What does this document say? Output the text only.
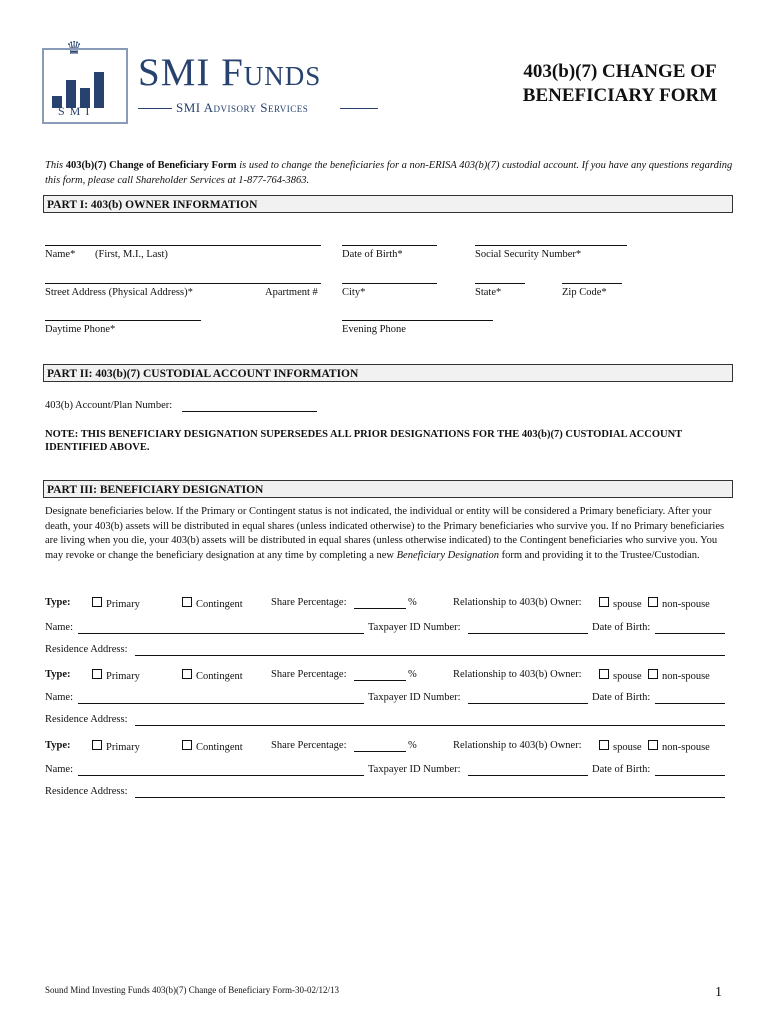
♛
SMI
SMI Funds
SMI Advisory Services
403(b)(7) CHANGE OF
BENEFICIARY FORM
This 403(b)(7) Change of Beneficiary Form is used to change the beneficiaries for a non-ERISA 403(b)(7) custodial account. If you have any questions regarding this form, please call Shareholder Services at 1-877-764-3863.
PART I: 403(b) OWNER INFORMATION
Name* (First, M.I., Last)	Date of Birth*	Social Security Number*
Street Address (Physical Address)*	Apartment # City*	State*	Zip Code*
Daytime Phone*	Evening Phone
PART II: 403(b)(7) CUSTODIAL ACCOUNT INFORMATION
403(b) Account/Plan Number:
NOTE: THIS BENEFICIARY DESIGNATION SUPERSEDES ALL PRIOR DESIGNATIONS FOR THE 403(b)(7) CUSTODIAL ACCOUNT IDENTIFIED ABOVE.
PART III: BENEFICIARY DESIGNATION
Designate beneficiaries below. If the Primary or Contingent status is not indicated, the individual or entity will be considered a Primary beneficiary. After your death, your 403(b) assets will be distributed in equal shares (unless indicated otherwise) to the Primary beneficiaries who survive you. If no Primary beneficiaries are living when you die, your 403(b) assets will be distributed in equal shares (unless otherwise indicated) to the Contingent beneficiaries who survive you. You may revoke or change the beneficiary designation at any time by completing a new Beneficiary Designation form and providing it to the Trustee/Custodian.
Type:	Primary	Contingent	Share Percentage:	%	Relationship to 403(b) Owner:	spouse	non-spouse
Name:	Taxpayer ID Number:	Date of Birth:
Residence Address:
Type:	Primary	Contingent	Share Percentage:	%	Relationship to 403(b) Owner:	spouse	non-spouse
Name:	Taxpayer ID Number:	Date of Birth:
Residence Address:
Type:	Primary	Contingent	Share Percentage:	%	Relationship to 403(b) Owner:	spouse	non-spouse
Name:	Taxpayer ID Number:	Date of Birth:
Residence Address:
Sound Mind Investing Funds 403(b)(7) Change of Beneficiary Form-30-02/12/13	1
